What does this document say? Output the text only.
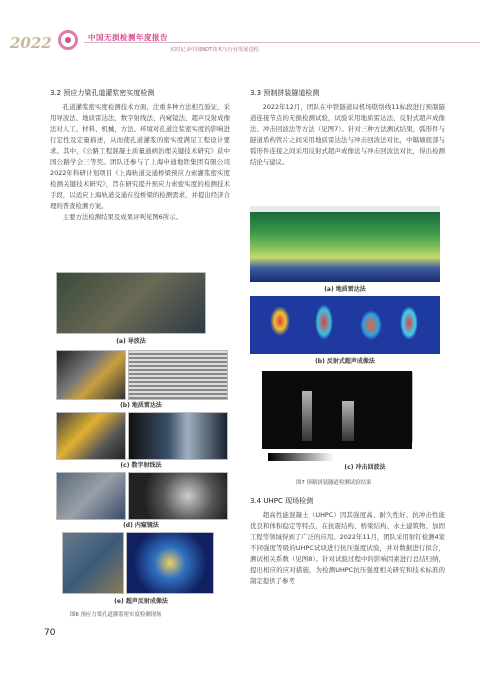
2022	中国无损检测年度报告
实时记录中国NDT技术与行业发展进程
3.2 预应力梁孔道灌浆密实度检测

孔道灌浆密实度检测技术方面，注重多种方法相互验证，采用导波法、地质雷达法，数字射线法、内窥镜法、超声反射成像法对人工、材料、机械、方法、环境对孔道注浆密实度的影响进行定性及定量描述，从而使孔道灌浆的密实度满足工程设计要求。其中，《公路工程混凝土质量通病治理关键技术研究》获中国公路学会三等奖。团队还参与了上海申通地铁集团有限公司2022年科研计划项目《上海轨道交通桥梁预应力索灌浆密实度检测关键技术研究》，旨在研究提升预应力索密实度的检测技术手段，以适应上海轨道交通在役桥梁的检测需求，并提出经济合理的普查检测方案。

主要方法检测结果及成果评判见图6所示。

3.3 预制拼装隧道检测

2022年12月，团队在中铁隧道局机场联络线11标段进行预制隧道连接节点的无损检测试验，试验采用地质雷达法、反射式超声成像法、冲击回波法等方法（见图7）。针对三种方法测试结果，弧形件与隧道盾构管片之间采用地质雷达法与冲击回波法对比，中隔墙底部与弧形件连接之间采用反射式超声成像法与冲击回波法对比，得出检测结论与建议。

(a) 导波法
(b) 地质雷达法
(c) 数字射线法
(d) 内窥镜法
(e) 超声反射成像法
图6 预应力梁孔道灌浆密实度检测现场
(a) 地质雷达法
(b) 反射式超声成像法
(c) 冲击回波法
图7 预制拼装隧道检测试验结果
3.4 UHPC 现场检测

超高性能混凝土（UHPC）因其强度高、耐久性好、抗冲击性能优良和体积稳定等特点，在抗震结构、桥梁结构、水土建筑物、加固工程等领域得到了广泛的应用。2022年11月，团队采用射钉检测4家不同强度等级的UHPC试块进行抗压强度试验，并对数据进行拟合，测试相关系数（见图8）。针对试验过程中的影响因素进行总结归纳，提出相应的应对措施，为检测UHPC抗压强度相关研究和技术标准的制定提供了参考

70
